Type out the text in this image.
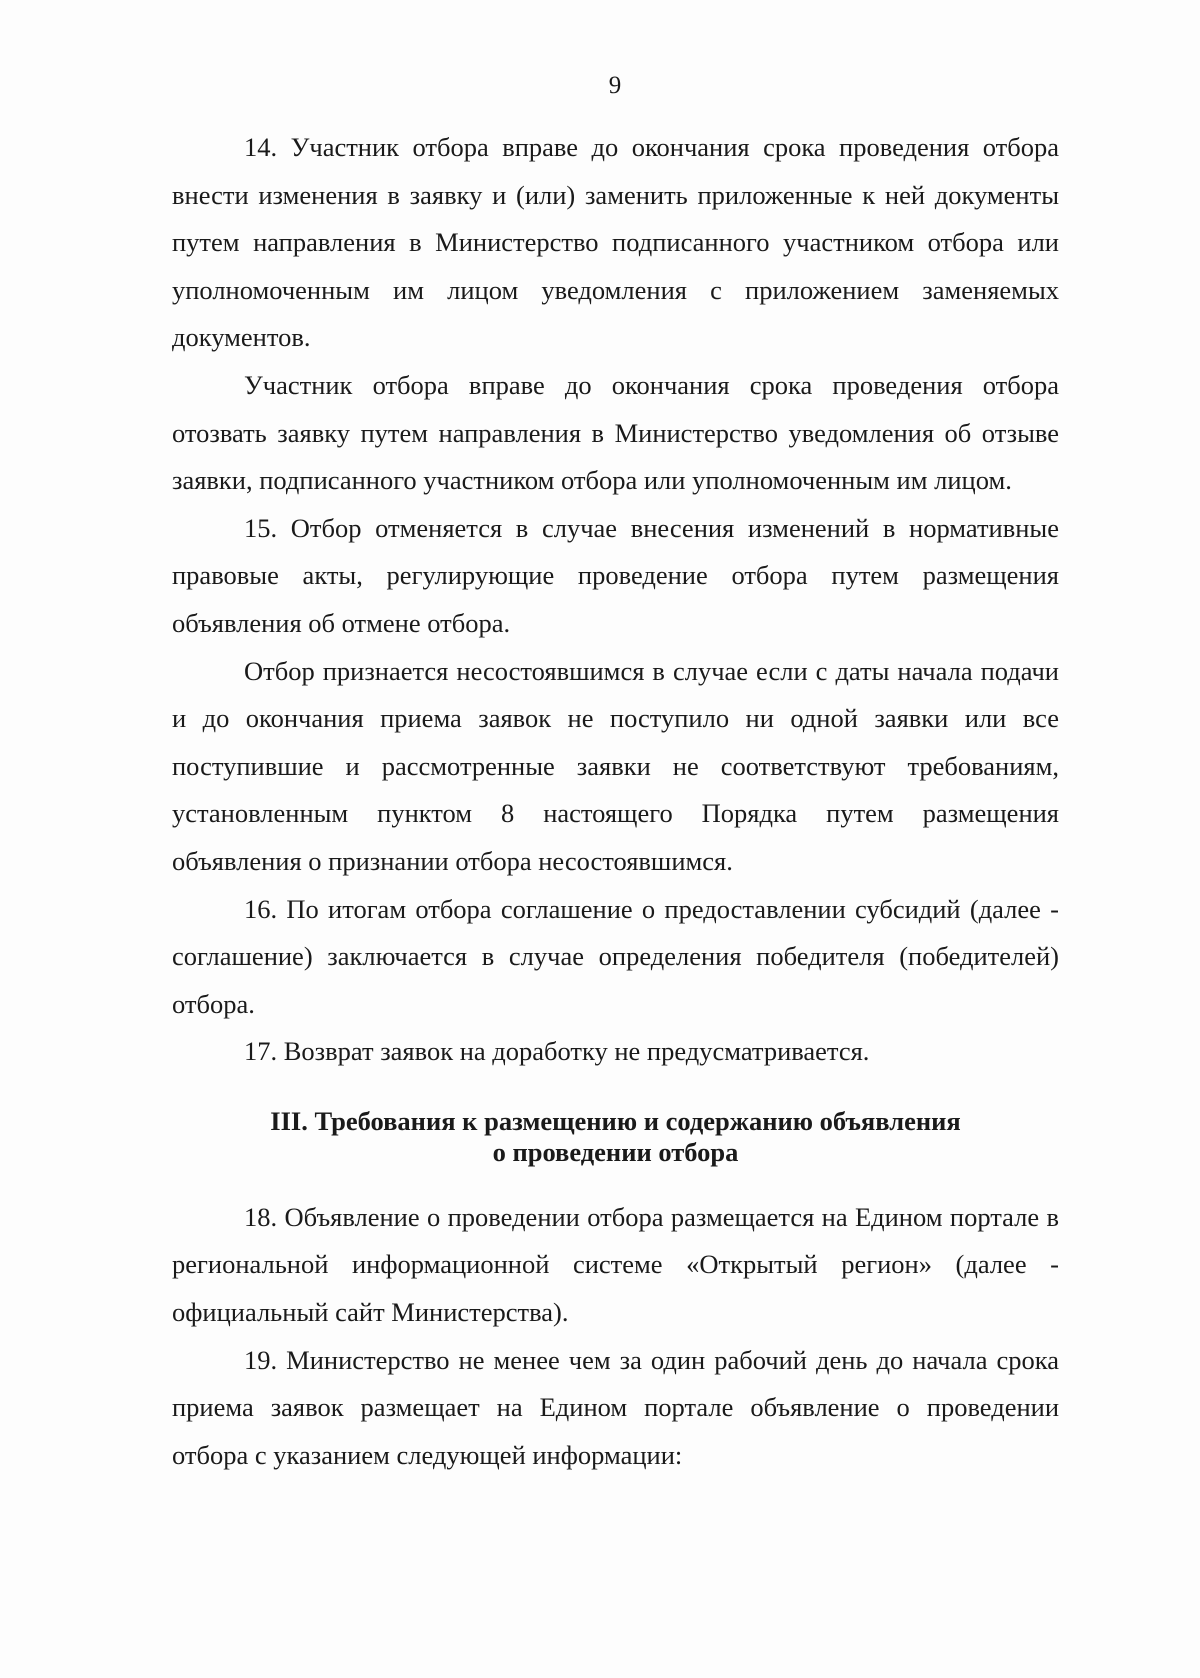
9

14. Участник отбора вправе до окончания срока проведения отбора внести изменения в заявку и (или) заменить приложенные к ней документы путем направления в Министерство подписанного участником отбора или уполномоченным им лицом уведомления с приложением заменяемых документов.

Участник отбора вправе до окончания срока проведения отбора отозвать заявку путем направления в Министерство уведомления об отзыве заявки, подписанного участником отбора или уполномоченным им лицом.

15. Отбор отменяется в случае внесения изменений в нормативные правовые акты, регулирующие проведение отбора путем размещения объявления об отмене отбора.

Отбор признается несостоявшимся в случае если с даты начала подачи и до окончания приема заявок не поступило ни одной заявки или все поступившие и рассмотренные заявки не соответствуют требованиям, установленным пунктом 8 настоящего Порядка путем размещения объявления о признании отбора несостоявшимся.

16. По итогам отбора соглашение о предоставлении субсидий (далее - соглашение) заключается в случае определения победителя (победителей) отбора.

17. Возврат заявок на доработку не предусматривается.

III. Требования к размещению и содержанию объявления
о проведении отбора

18. Объявление о проведении отбора размещается на Едином портале в региональной информационной системе «Открытый регион» (далее - официальный сайт Министерства).

19. Министерство не менее чем за один рабочий день до начала срока приема заявок размещает на Едином портале объявление о проведении отбора с указанием следующей информации:
